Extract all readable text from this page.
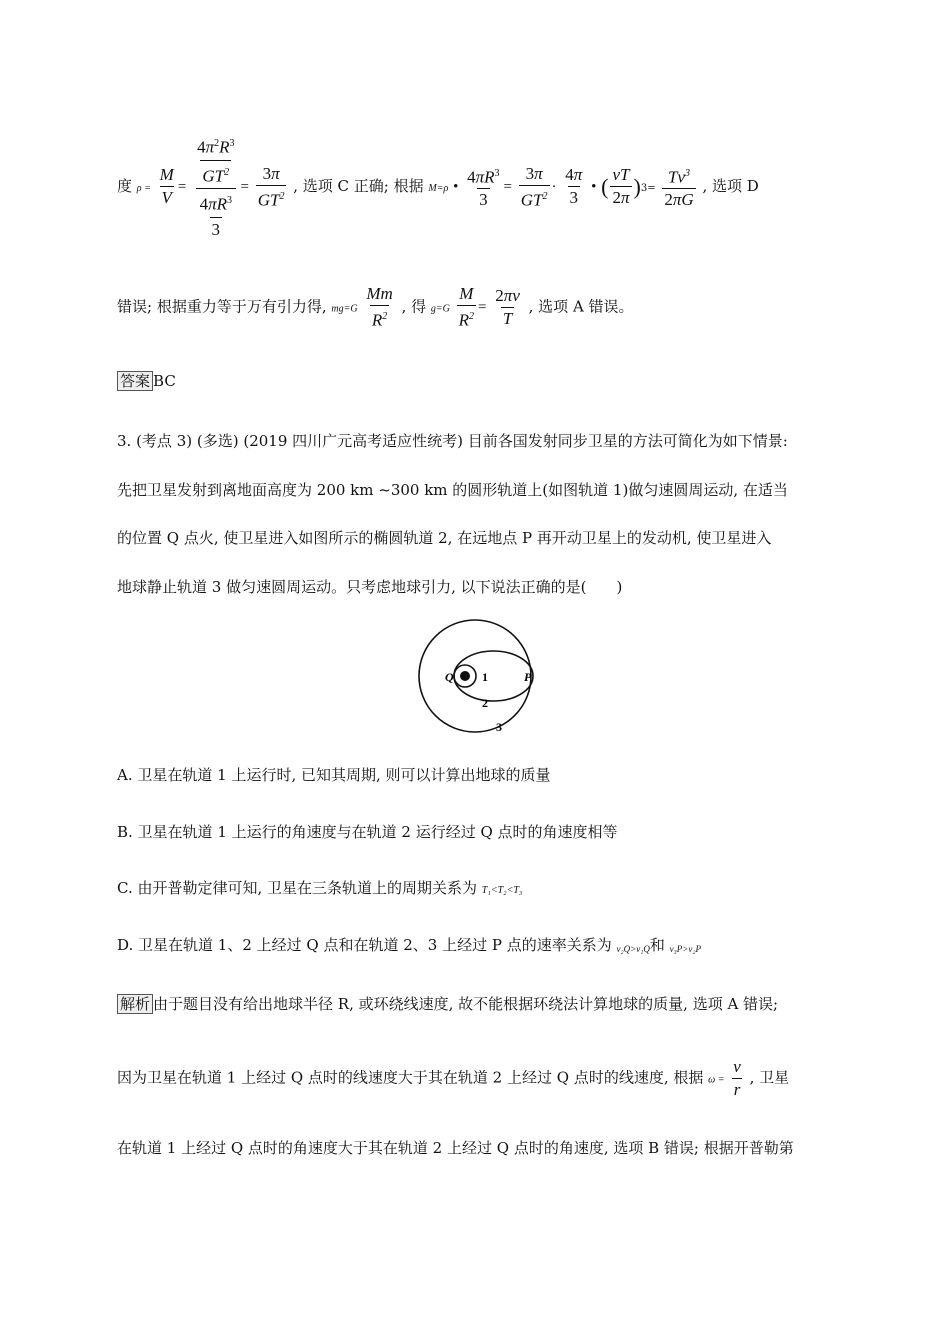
度 $\rho = \frac{M}{V} = \frac{\frac{4\pi^2R^3}{GT^2}}{\frac{4\pi R^3}{3}} = \frac{3\pi}{GT^2}$ , 选项 C 正确; 根据 M=ρ • $\frac{4\pi R^3}{3} = \frac{3\pi}{GT^2} \cdot \frac{4\pi}{3}$ • ( $\frac{vT}{2\pi} )3= \frac{Tv^3}{2\pi G}$ , 选项 D
错误; 根据重力等于万有引力得, $mg=G \frac{Mm}{R^2}$ , 得 $g=G \frac{M}{R^2} = \frac{2\pi v}{T}$ , 选项 A 错误。
答案 BC
3. (考点 3) (多选) (2019 四川广元高考适应性统考) 目前各国发射同步卫星的方法可简化为如下情景:
先把卫星发射到离地面高度为 200 km ~300 km 的圆形轨道上(如图轨道 1)做匀速圆周运动, 在适当
的位置 Q 点火, 使卫星进入如图所示的椭圆轨道 2, 在远地点 P 再开动卫星上的发动机, 使卫星进入
地球静止轨道 3 做匀速圆周运动。只考虑地球引力, 以下说法正确的是(　　)
Q 1	P
2
3
A. 卫星在轨道 1 上运行时, 已知其周期, 则可以计算出地球的质量
B. 卫星在轨道 1 上运行的角速度与在轨道 2 运行经过 Q 点时的角速度相等
C. 由开普勒定律可知, 卫星在三条轨道上的周期关系为 T₁<T₂<T₃
D. 卫星在轨道 1、2 上经过 Q 点和在轨道 2、3 上经过 P 点的速率关系为 v₂Q>v₁Q和 v₃P>v₂P
解析 由于题目没有给出地球半径 R, 或环绕线速度, 故不能根据环绕法计算地球的质量, 选项 A 错误;
因为卫星在轨道 1 上经过 Q 点时的线速度大于其在轨道 2 上经过 Q 点时的线速度, 根据 $\omega = \frac{v}{r}$ , 卫星
在轨道 1 上经过 Q 点时的角速度大于其在轨道 2 上经过 Q 点时的角速度, 选项 B 错误; 根据开普勒第
